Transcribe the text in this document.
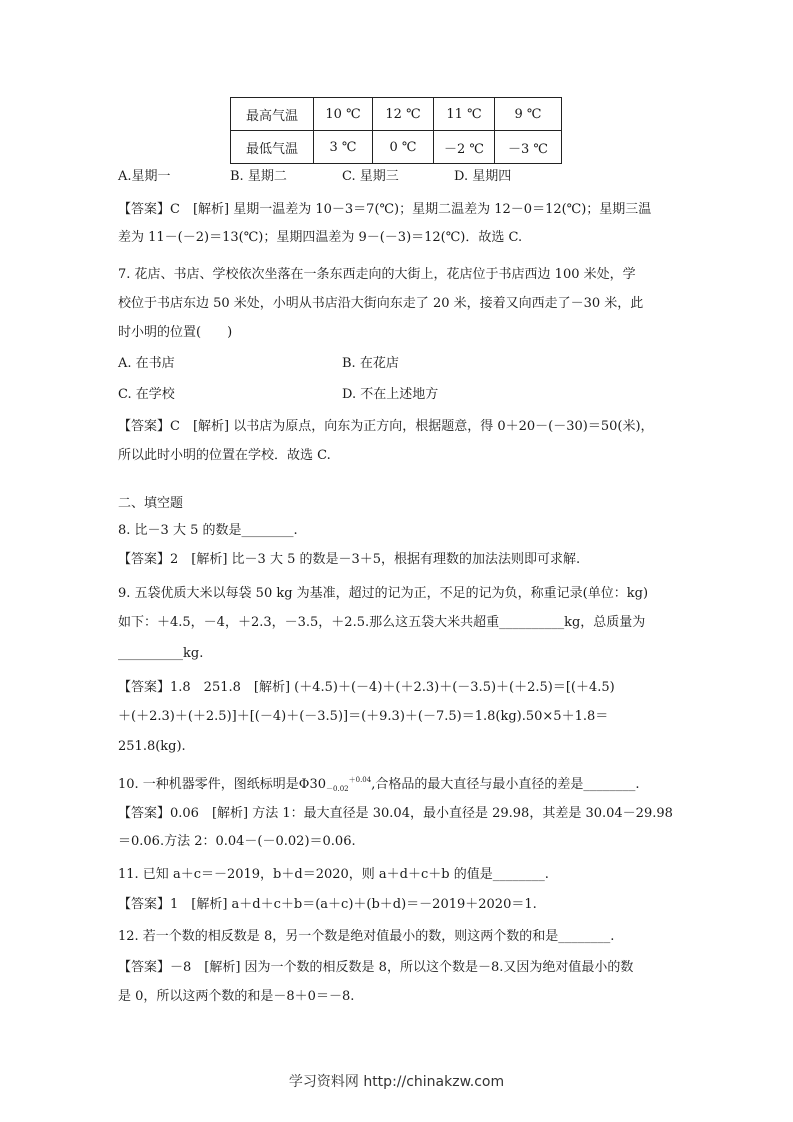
最高气温	10 ℃	12 ℃	11 ℃	9 ℃
最低气温	3 ℃	0 ℃	－2 ℃	－3 ℃
A.星期一	B. 星期二	C. 星期三	D. 星期四
【答案】C　[解析] 星期一温差为 10－3＝7(℃)；星期二温差为 12－0＝12(℃)；星期三温
差为 11－(－2)＝13(℃)；星期四温差为 9－(－3)＝12(℃)．故选 C.
7. 花店、书店、学校依次坐落在一条东西走向的大街上，花店位于书店西边 100 米处，学
校位于书店东边 50 米处，小明从书店沿大街向东走了 20 米，接着又向西走了－30 米，此
时小明的位置(　　)
A. 在书店	B. 在花店
C. 在学校	D. 不在上述地方
【答案】C　[解析] 以书店为原点，向东为正方向，根据题意，得 0＋20－(－30)＝50(米)，
所以此时小明的位置在学校．故选 C.
二、填空题
8. 比－3 大 5 的数是________.
【答案】2　[解析] 比－3 大 5 的数是－3＋5，根据有理数的加法法则即可求解.
9. 五袋优质大米以每袋 50 kg 为基准，超过的记为正，不足的记为负，称重记录(单位：kg)
如下：＋4.5，－4，＋2.3，－3.5，＋2.5.那么这五袋大米共超重__________kg，总质量为
__________kg.
【答案】1.8　251.8　[解析] (＋4.5)＋(－4)＋(＋2.3)＋(－3.5)＋(＋2.5)＝[(＋4.5)
＋(＋2.3)＋(＋2.5)]＋[(－4)＋(－3.5)]＝(＋9.3)＋(－7.5)＝1.8(kg).50×5＋1.8＝
251.8(kg).
10. 一种机器零件，图纸标明是$\Phi 30_{-0.02}^{+0.04}$,合格品的最大直径与最小直径的差是________.
【答案】0.06　[解析] 方法 1：最大直径是 30.04，最小直径是 29.98，其差是 30.04－29.98
＝0.06.方法 2：0.04－(－0.02)＝0.06.
11. 已知 a＋c＝－2019，b＋d＝2020，则 a＋d＋c＋b 的值是________.
【答案】1　[解析] a＋d＋c＋b＝(a＋c)＋(b＋d)＝－2019＋2020＝1.
12. 若一个数的相反数是 8，另一个数是绝对值最小的数，则这两个数的和是________.
【答案】－8　[解析] 因为一个数的相反数是 8，所以这个数是－8.又因为绝对值最小的数
是 0，所以这两个数的和是－8＋0＝－8.
学习资料网 http://chinakzw.com
